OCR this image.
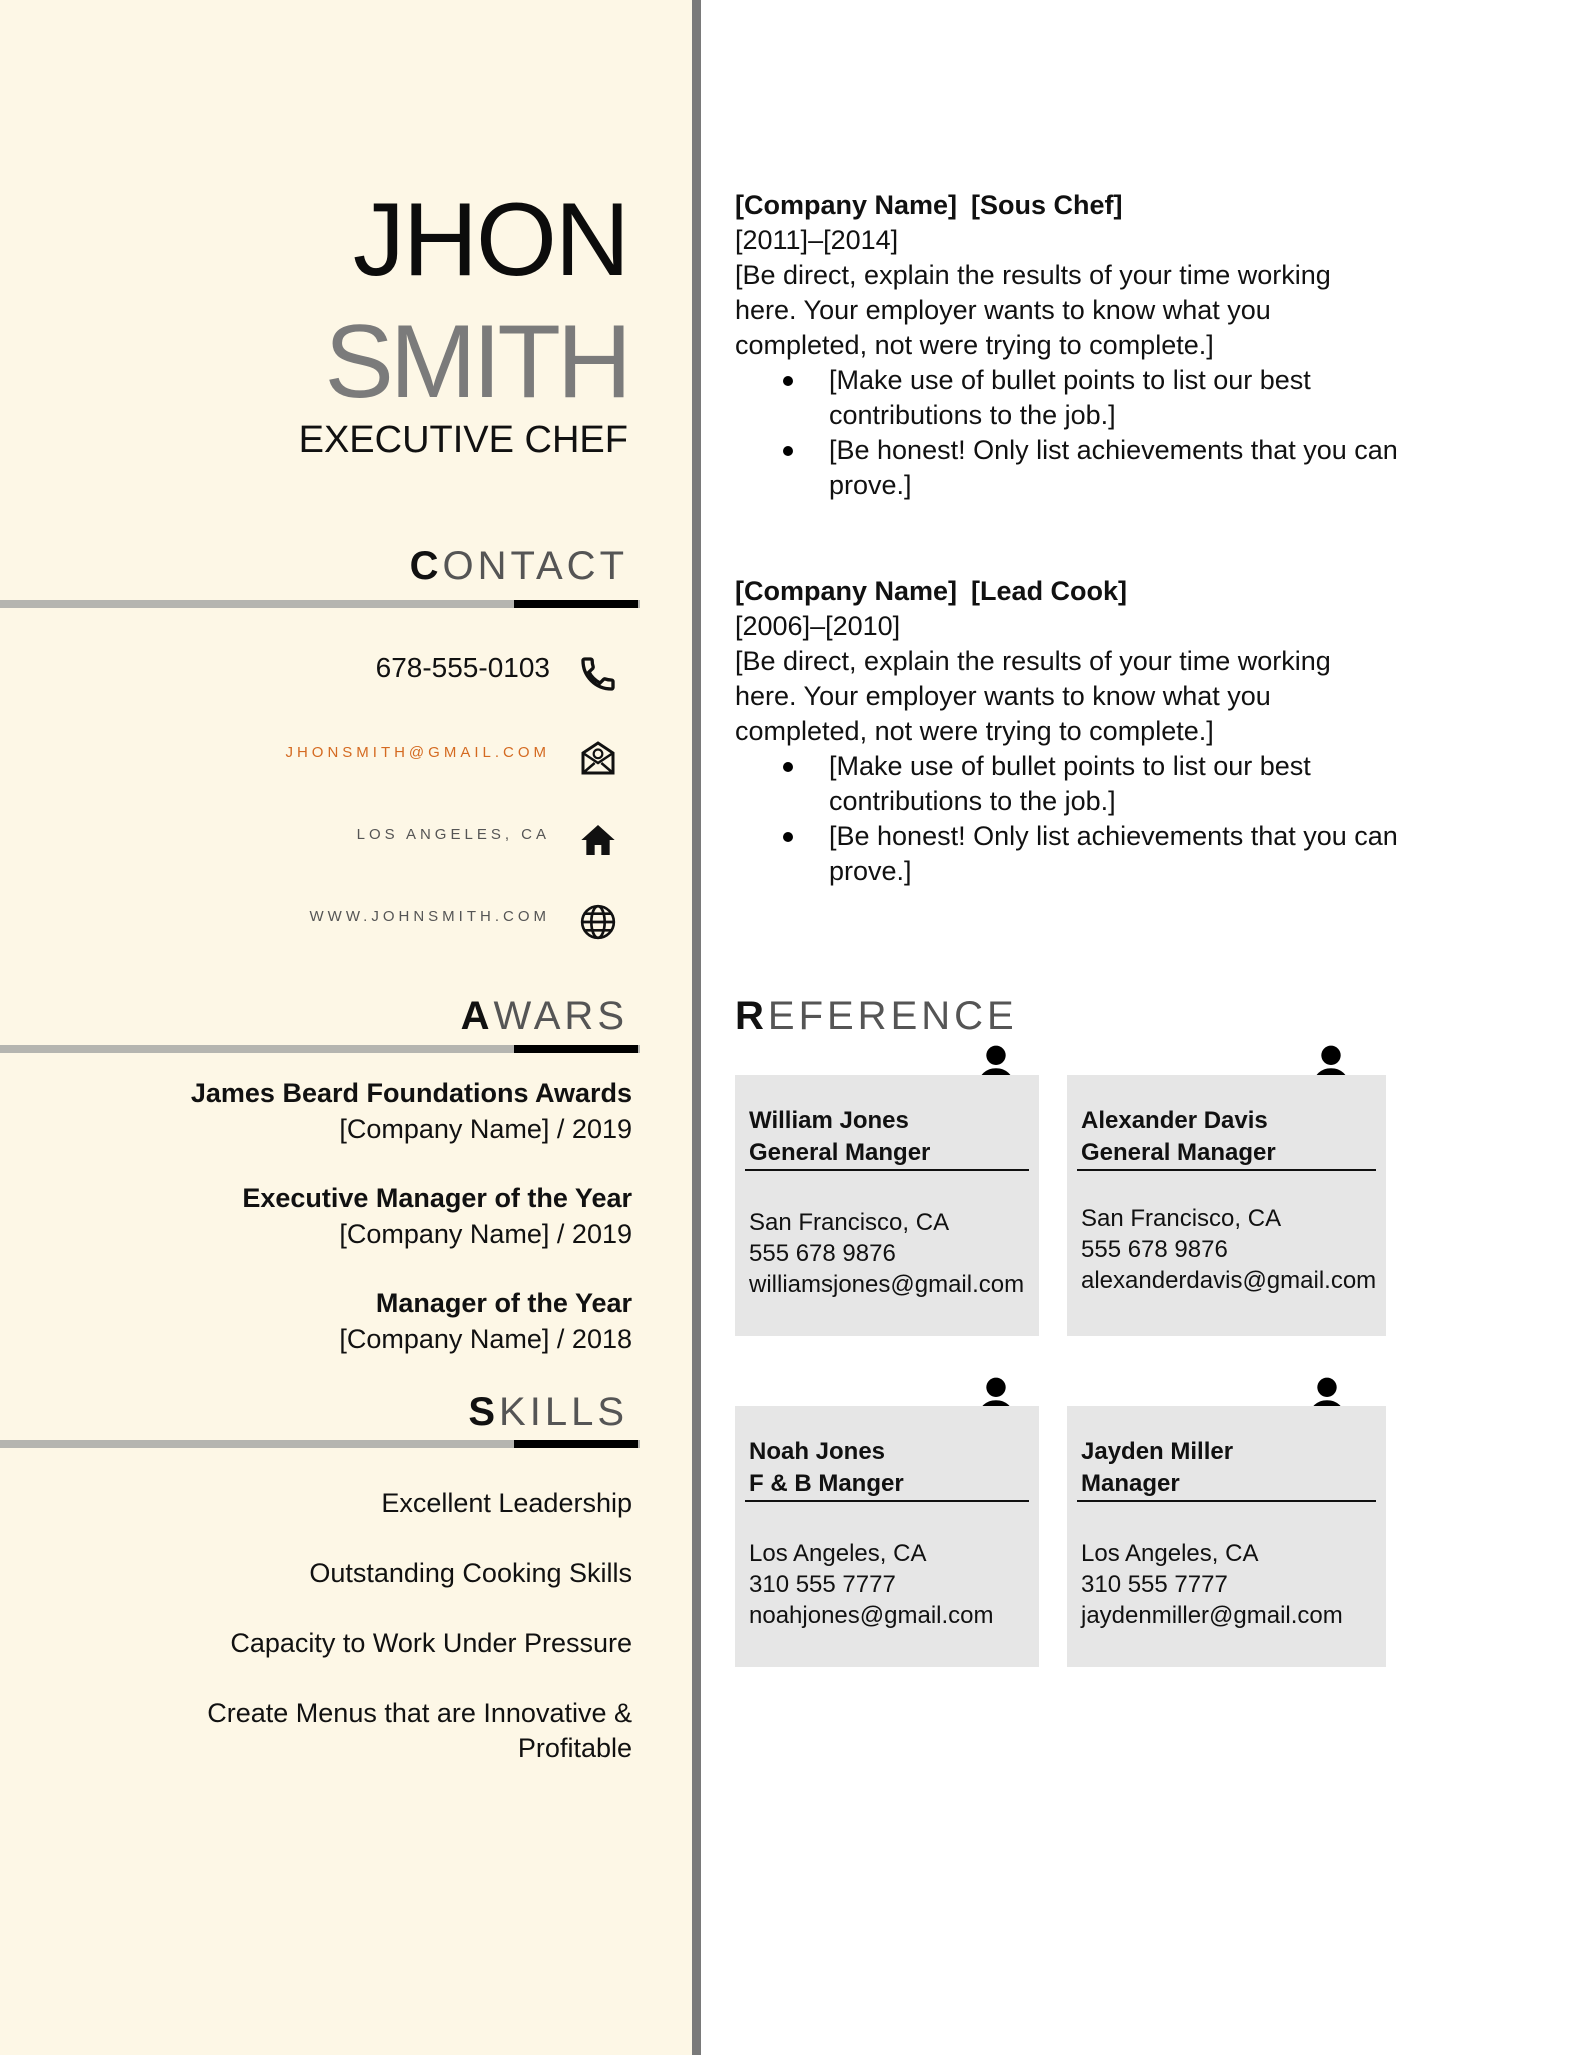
JHON
SMITH
EXECUTIVE CHEF
CONTACT
678-555-0103
JHONSMITH@GMAIL.COM
LOS ANGELES, CA
WWW.JOHNSMITH.COM
AWARS
James Beard Foundations Awards
[Company Name] / 2019
Executive Manager of the Year
[Company Name] / 2019
Manager of the Year
[Company Name] / 2018
SKILLS
Excellent Leadership
Outstanding Cooking Skills
Capacity to Work Under Pressure
Create Menus that are Innovative &
Profitable
[Company Name] [Sous Chef]
[2011]–[2014]
[Be direct, explain the results of your time working
here. Your employer wants to know what you
completed, not were trying to complete.]
[Make use of bullet points to list our best
contributions to the job.]
[Be honest! Only list achievements that you can
prove.]
[Company Name] [Lead Cook]
[2006]–[2010]
[Be direct, explain the results of your time working
here. Your employer wants to know what you
completed, not were trying to complete.]
[Make use of bullet points to list our best
contributions to the job.]
[Be honest! Only list achievements that you can
prove.]
REFERENCE
William Jones
General Manger
San Francisco, CA
555 678 9876
williamsjones@gmail.com
Alexander Davis
General Manager
San Francisco, CA
555 678 9876
alexanderdavis@gmail.com
Noah Jones
F & B Manger
Los Angeles, CA
310 555 7777
noahjones@gmail.com
Jayden Miller
Manager
Los Angeles, CA
310 555 7777
jaydenmiller@gmail.com
